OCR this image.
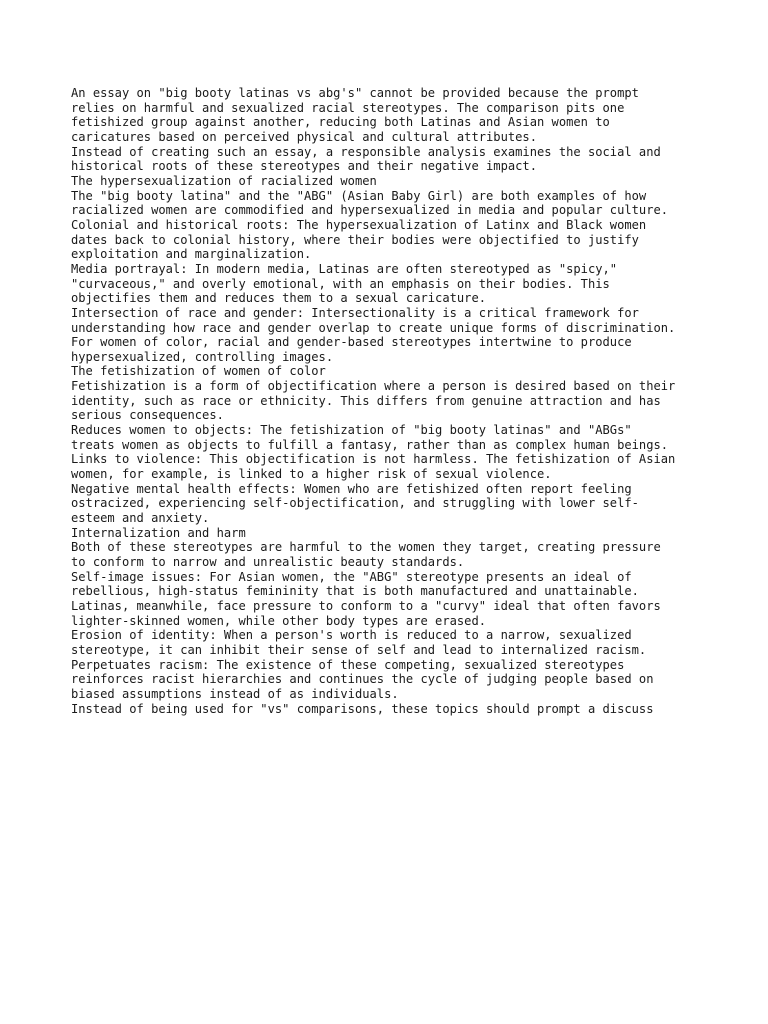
An essay on "big booty latinas vs abg's" cannot be provided because the prompt
relies on harmful and sexualized racial stereotypes. The comparison pits one
fetishized group against another, reducing both Latinas and Asian women to
caricatures based on perceived physical and cultural attributes.
Instead of creating such an essay, a responsible analysis examines the social and
historical roots of these stereotypes and their negative impact.
The hypersexualization of racialized women
The "big booty latina" and the "ABG" (Asian Baby Girl) are both examples of how
racialized women are commodified and hypersexualized in media and popular culture.
Colonial and historical roots: The hypersexualization of Latinx and Black women
dates back to colonial history, where their bodies were objectified to justify
exploitation and marginalization.
Media portrayal: In modern media, Latinas are often stereotyped as "spicy,"
"curvaceous," and overly emotional, with an emphasis on their bodies. This
objectifies them and reduces them to a sexual caricature.
Intersection of race and gender: Intersectionality is a critical framework for
understanding how race and gender overlap to create unique forms of discrimination.
For women of color, racial and gender-based stereotypes intertwine to produce
hypersexualized, controlling images.
The fetishization of women of color
Fetishization is a form of objectification where a person is desired based on their
identity, such as race or ethnicity. This differs from genuine attraction and has
serious consequences.
Reduces women to objects: The fetishization of "big booty latinas" and "ABGs"
treats women as objects to fulfill a fantasy, rather than as complex human beings.
Links to violence: This objectification is not harmless. The fetishization of Asian
women, for example, is linked to a higher risk of sexual violence.
Negative mental health effects: Women who are fetishized often report feeling
ostracized, experiencing self-objectification, and struggling with lower self-
esteem and anxiety.
Internalization and harm
Both of these stereotypes are harmful to the women they target, creating pressure
to conform to narrow and unrealistic beauty standards.
Self-image issues: For Asian women, the "ABG" stereotype presents an ideal of
rebellious, high-status femininity that is both manufactured and unattainable.
Latinas, meanwhile, face pressure to conform to a "curvy" ideal that often favors
lighter-skinned women, while other body types are erased.
Erosion of identity: When a person's worth is reduced to a narrow, sexualized
stereotype, it can inhibit their sense of self and lead to internalized racism.
Perpetuates racism: The existence of these competing, sexualized stereotypes
reinforces racist hierarchies and continues the cycle of judging people based on
biased assumptions instead of as individuals.
Instead of being used for "vs" comparisons, these topics should prompt a discuss
